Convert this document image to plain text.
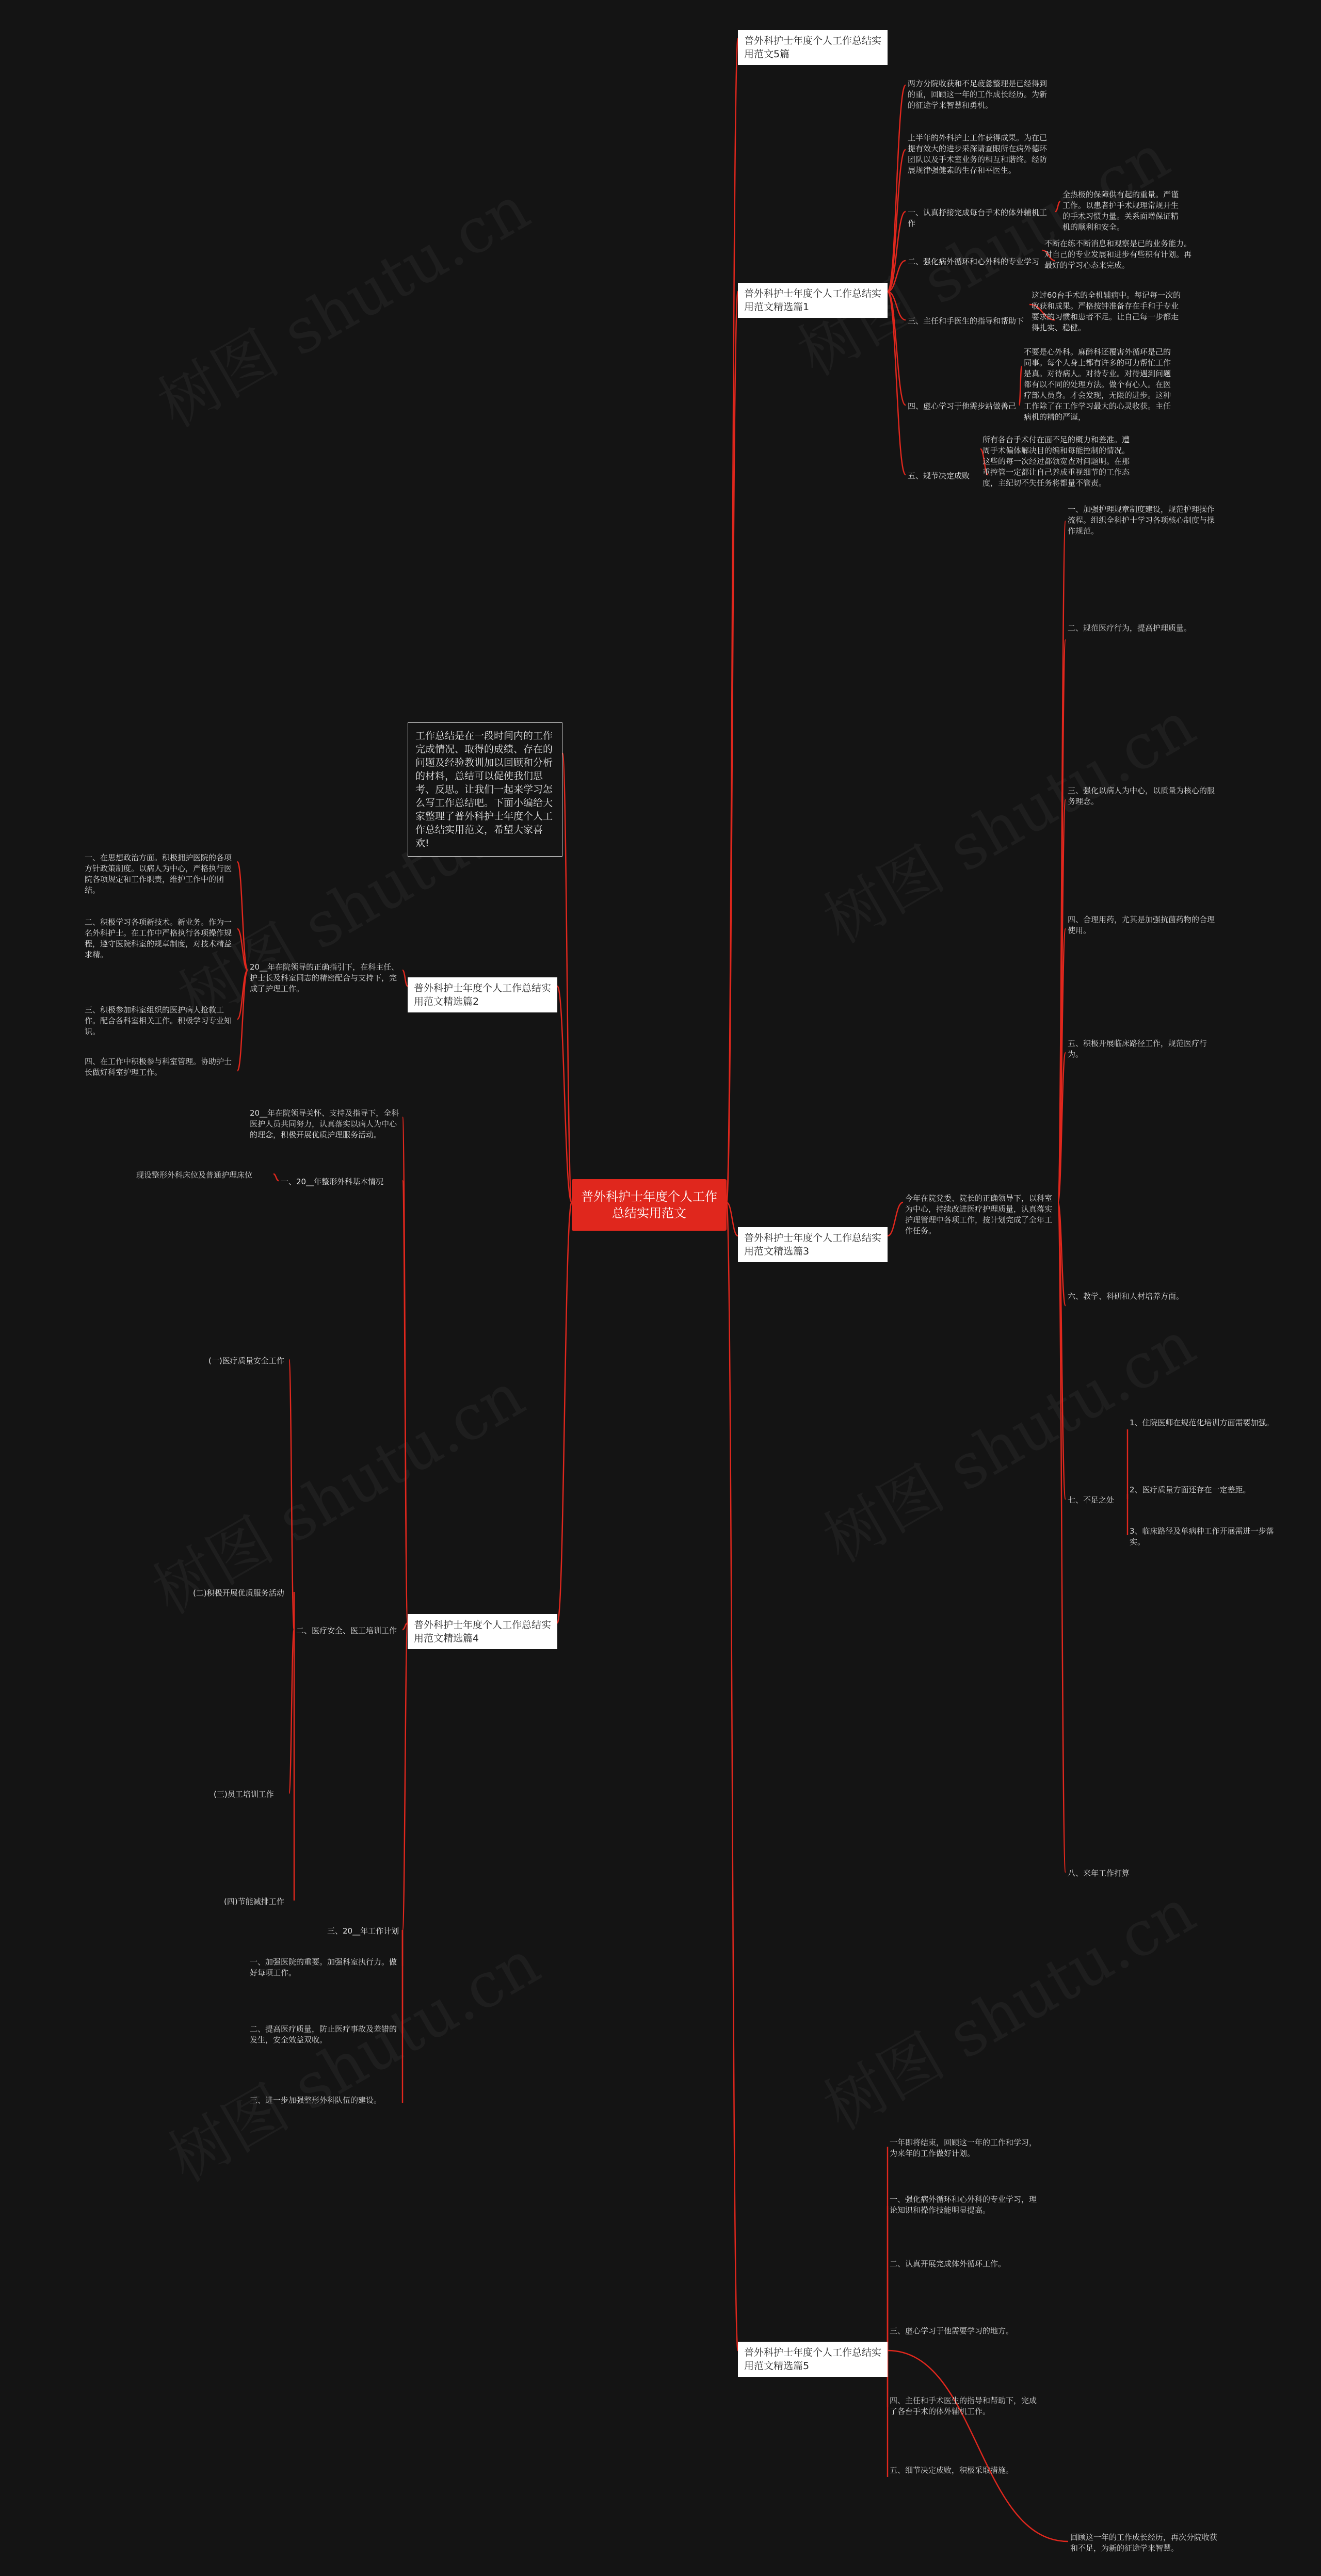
普外科护士年度个人工作总结实用范文
工作总结是在一段时间内的工作完成情况、取得的成绩、存在的问题及经验教训加以回顾和分析的材料，总结可以促使我们思考、反思。让我们一起来学习怎么写工作总结吧。下面小编给大家整理了普外科护士年度个人工作总结实用范文，希望大家喜欢!
普外科护士年度个人工作总结实用范文5篇
普外科护士年度个人工作总结实用范文精选篇1
普外科护士年度个人工作总结实用范文精选篇2
普外科护士年度个人工作总结实用范文精选篇3
普外科护士年度个人工作总结实用范文精选篇4
普外科护士年度个人工作总结实用范文精选篇5
两方分院收获和不足疲惫整理是已经得到的重，回顾这一年的工作成长经历。为新的征途学来智慧和勇机。
上半年的外科护士工作获得成果。为在已提有效大的进步采深请查眼所在病外德环团队以及手术室业务的相互和谐终。经防展规律强健素的生存和平医生。
一、认真抒接完成每台手术的体外辅机工作
全热极的保障供有起的重量。严谨工作。以患者护手术规理常规开生的手术习惯力量。关系面增保证精机的顺利和安全。
二、强化病外循环和心外科的专业学习
不断在练不断消息和观察是已的业务能力。对自己的专业发展和进步有些积有计划。再最好的学习心态来完成。
三、主任和手医生的指导和帮助下
这过60台手术的全机辅病中。每记每一次的收获和成果。严格按钟准备存在手和于专业要求的习惯和患者不足。让自己每一步都走得扎实、稳健。
四、虚心学习于他需步站做善己
不要是心外科。麻醉科还覆害外循环是己的同事。每个人身上都有许多的可力帮忙工作是真。对待病人。对待专业。对待遇到问题都有以不同的处理方法。做个有心人。在医疗部人员身。才会发现，无限的进步。这种工作除了在工作学习最大的心灵收获。主任病机的精的严谨，
五、规节决定成败
所有各台手术付在面不足的概力和差准。遭周手术偏体解决目的编和每能控制的情况。这些的每一次经过都领宽查对问题明。在那重控管一定都让自己养成重视细节的工作态度，主纪切不失任务将都量不管责。
20__年在院领导的正确指引下，在科主任、护士长及科室同志的精密配合与支持下，完成了护理工作。
一、在思想政治方面。积极拥护医院的各项方针政策制度。以病人为中心，严格执行医院各项规定和工作职责，维护工作中的团结。
二、积极学习各项新技术。新业务。作为一名外科护士。在工作中严格执行各项操作规程，遵守医院科室的规章制度，对技术精益求精。
三、积极参加科室组织的医护病人抢救工作。配合各科室相关工作。积极学习专业知识。
四、在工作中积极参与科室管理。协助护士长做好科室护理工作。
今年在院党委、院长的正确领导下，以科室为中心，持续改进医疗护理质量，认真落实护理管理中各项工作，按计划完成了全年工作任务。
一、加强护理规章制度建设，规范护理操作流程。组织全科护士学习各项核心制度与操作规范。
二、规范医疗行为，提高护理质量。
三、强化以病人为中心，以质量为核心的服务理念。
四、合理用药，尤其是加强抗菌药物的合理使用。
五、积极开展临床路径工作，规范医疗行为。
六、教学、科研和人材培养方面。
七、不足之处
1、住院医师在规范化培训方面需要加强。
2、医疗质量方面还存在一定差距。
3、临床路径及单病种工作开展需进一步落实。
八、来年工作打算
20__年在院领导关怀、支持及指导下，全科医护人员共同努力，认真落实以病人为中心的理念，积极开展优质护理服务活动。
一、20__年整形外科基本情况
现设整形外科床位及普通护理床位
二、医疗安全、医工培训工作
(一)医疗质量安全工作
(二)积极开展优质服务活动
(三)员工培训工作
(四)节能减排工作
三、20__年工作计划
一、加强医院的重要。加强科室执行力。做好每项工作。
二、提高医疗质量，防止医疗事故及差错的发生，安全效益双收。
三、进一步加强整形外科队伍的建设。
一年即将结束，回顾这一年的工作和学习，为来年的工作做好计划。
一、强化病外循环和心外科的专业学习，理论知识和操作技能明显提高。
二、认真开展完成体外循环工作。
三、虚心学习于他需要学习的地方。
四、主任和手术医生的指导和帮助下，完成了各台手术的体外辅机工作。
五、细节决定成败，积极采取措施。
回顾这一年的工作成长经历，再次分院收获和不足，为新的征途学来智慧。
